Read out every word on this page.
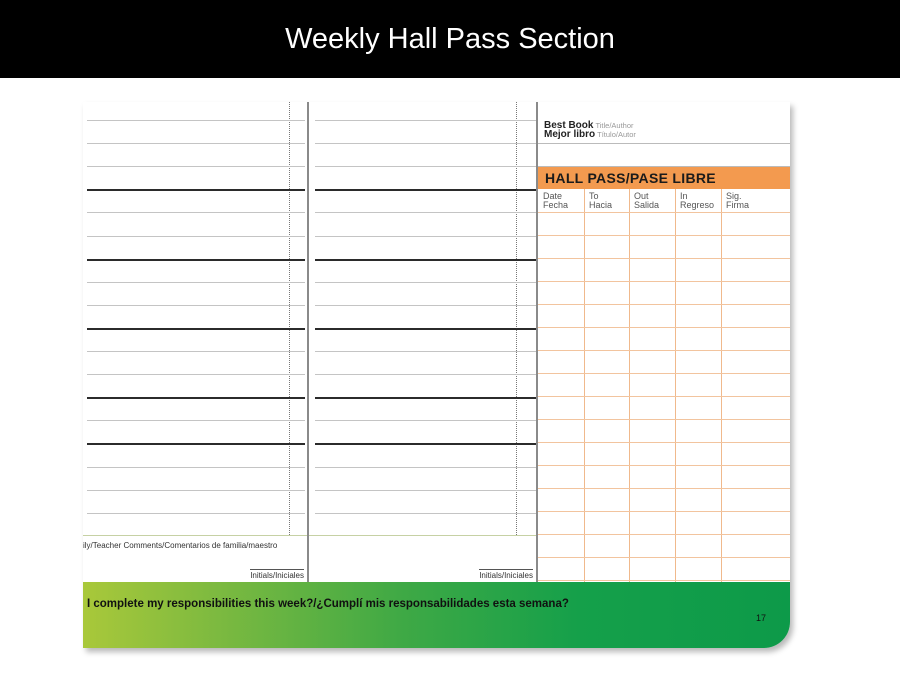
Weekly Hall Pass Section
ily/Teacher Comments/Comentarios de familia/maestro
Initials/Iniciales	Initials/Iniciales
Best Book Title/Author
Mejor libro Título/Autor
HALL PASS/PASE LIBRE
Date
Fecha
To
Hacia
Out
Salida
In
Regreso
Sig.
Firma
I complete my responsibilities this week?/¿Cumplí mis responsabilidades esta semana?
17
